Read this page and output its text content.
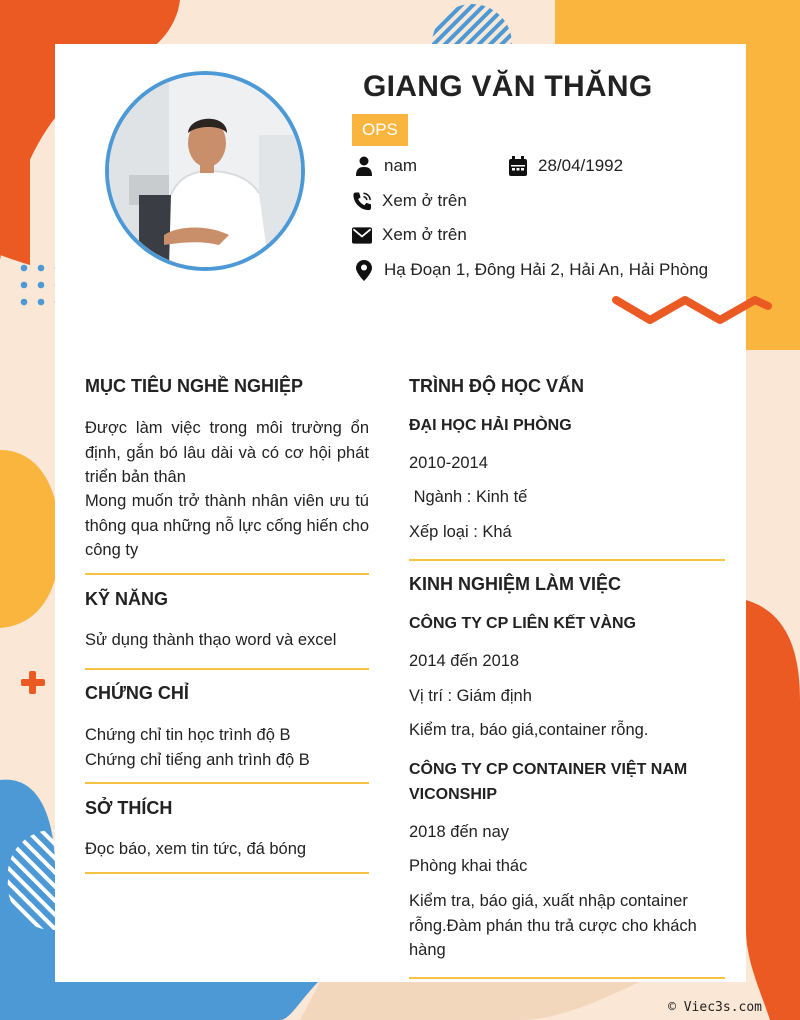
GIANG VĂN THĂNG
OPS
nam	28/04/1992
Xem ở trên
Xem ở trên
Hạ Đoạn 1, Đông Hải 2, Hải An, Hải Phòng
MỤC TIÊU NGHỀ NGHIỆP
Được làm việc trong môi trường ổn định, gắn bó lâu dài và có cơ hội phát triển bản thân
Mong muốn trở thành nhân viên ưu tú thông qua những nỗ lực cống hiến cho công ty
KỸ NĂNG
Sử dụng thành thạo word và excel
CHỨNG CHỈ
Chứng chỉ tin học trình độ B
Chứng chỉ tiếng anh trình độ B
SỞ THÍCH
Đọc báo, xem tin tức, đá bóng
TRÌNH ĐỘ HỌC VẤN
ĐẠI HỌC HẢI PHÒNG
2010-2014
Ngành : Kinh tế
Xếp loại : Khá
KINH NGHIỆM LÀM VIỆC
CÔNG TY CP LIÊN KẾT VÀNG
2014 đến 2018
Vị trí : Giám định
Kiểm tra, báo giá,container rỗng.
CÔNG TY CP CONTAINER VIỆT NAM VICONSHIP
2018 đến nay
Phòng khai thác
Kiểm tra, báo giá, xuất nhập container rỗng.Đàm phán thu trả cược cho khách hàng
© Viec3s.com
